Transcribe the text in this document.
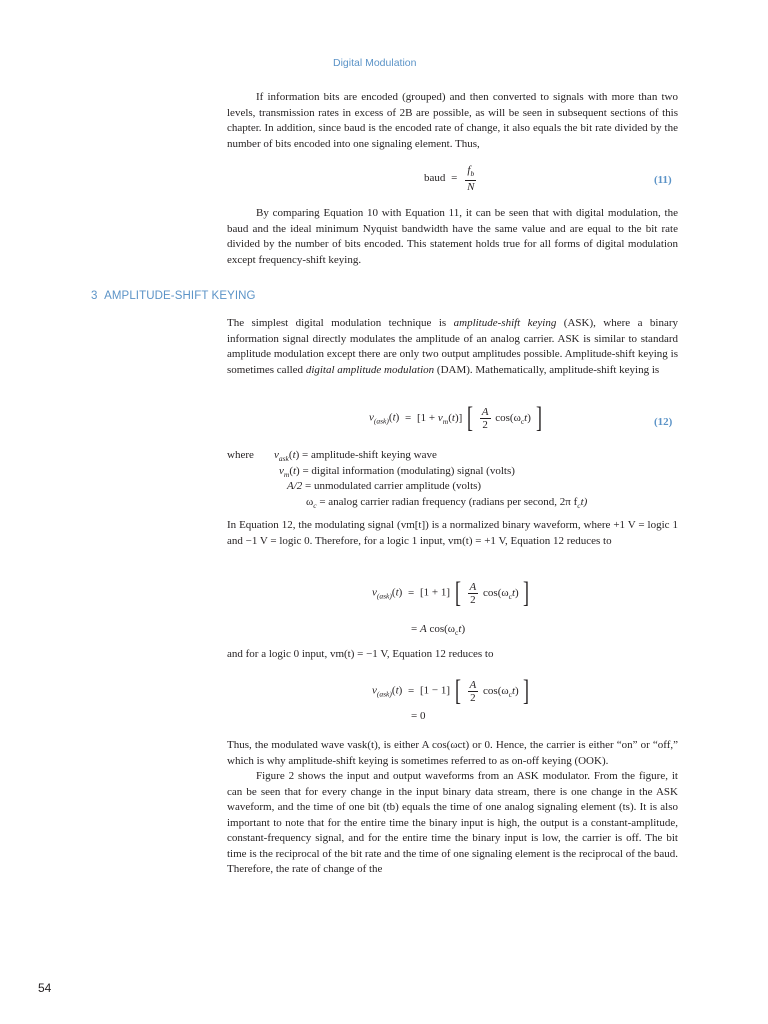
Digital Modulation

If information bits are encoded (grouped) and then converted to signals with more than two levels, transmission rates in excess of 2B are possible, as will be seen in subsequent sections of this chapter. In addition, since baud is the encoded rate of change, it also equals the bit rate divided by the number of bits encoded into one signaling element. Thus,

baud = $\frac{f_b}{N}$	(11)

By comparing Equation 10 with Equation 11, it can be seen that with digital modulation, the baud and the ideal minimum Nyquist bandwidth have the same value and are equal to the bit rate divided by the number of bits encoded. This statement holds true for all forms of digital modulation except frequency-shift keying.

3 AMPLITUDE-SHIFT KEYING

The simplest digital modulation technique is amplitude-shift keying (ASK), where a binary information signal directly modulates the amplitude of an analog carrier. ASK is similar to standard amplitude modulation except there are only two output amplitudes possible. Amplitude-shift keying is sometimes called digital amplitude modulation (DAM). Mathematically, amplitude-shift keying is

$v_{(ask)}(t) = [1 + v_m(t)]$ [ $\frac{A}{2} \cos(\omega_ct)$ ]	(12)
where $v_{ask}(t)$ = amplitude-shift keying wave
$v_m(t)$ = digital information (modulating) signal (volts)
A/2 = unmodulated carrier amplitude (volts)
$\omega_c = analog$ carrier radian frequency (radians per second, 2π $f_ct$)

In Equation 12, the modulating signal (vm[t]) is a normalized binary waveform, where +1 V = logic 1 and −1 V = logic 0. Therefore, for a logic 1 input, vm(t) = +1 V, Equation 12 reduces to

$v_{(ask)}(t) = [1 + 1]$ [ $\frac{A}{2} \cos(\omega_ct)$ ]
= A $\cos(\omega_ct)$

and for a logic 0 input, vm(t) = −1 V, Equation 12 reduces to

$v_{(ask)}(t) = [1 - 1]$ [ $\frac{A}{2} \cos(\omega_ct)$ ]
= 0

Thus, the modulated wave vask(t), is either A cos(ωct) or 0. Hence, the carrier is either “on” or “off,” which is why amplitude-shift keying is sometimes referred to as on-off keying (OOK).

Figure 2 shows the input and output waveforms from an ASK modulator. From the figure, it can be seen that for every change in the input binary data stream, there is one change in the ASK waveform, and the time of one bit (tb) equals the time of one analog signaling element (ts). It is also important to note that for the entire time the binary input is high, the output is a constant-amplitude, constant-frequency signal, and for the entire time the binary input is low, the carrier is off. The bit time is the reciprocal of the bit rate and the time of one signaling element is the reciprocal of the baud. Therefore, the rate of change of the

54
